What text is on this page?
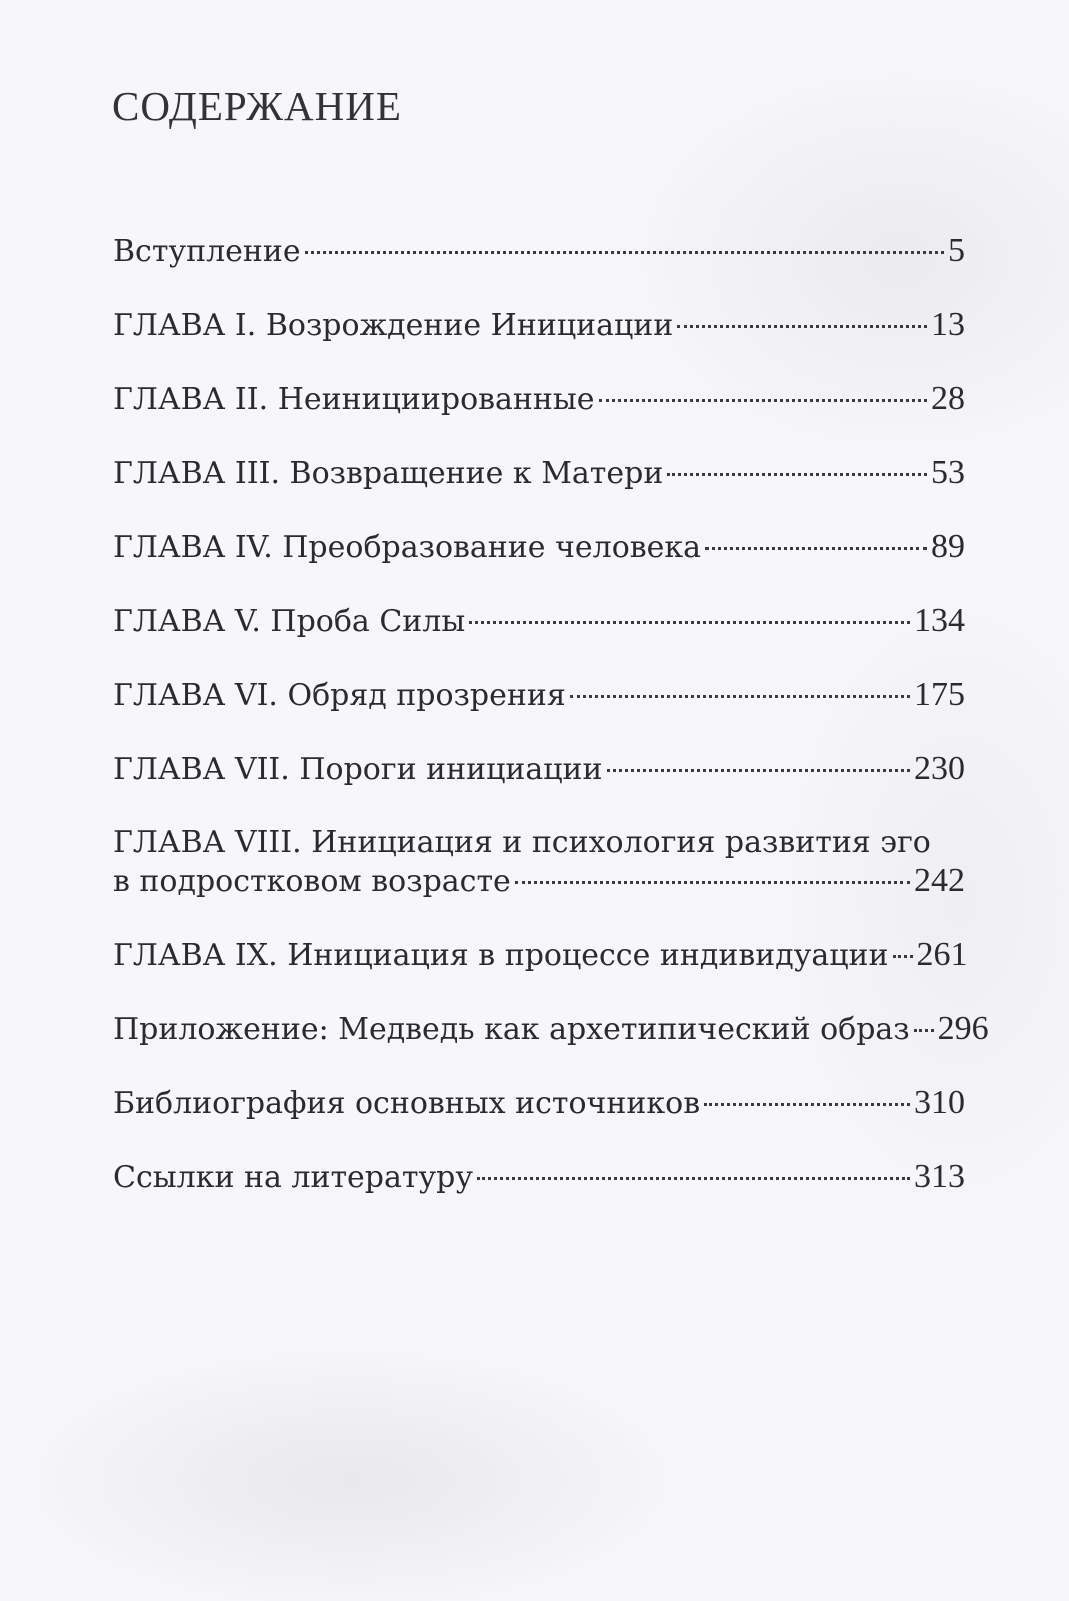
СОДЕРЖАНИЕ
Вступление	5
ГЛАВА I. Возрождение Инициации	13
ГЛАВА II. Неинициированные	28
ГЛАВА III. Возвращение к Матери	53
ГЛАВА IV. Преобразование человека	89
ГЛАВА V. Проба Силы	134
ГЛАВА VI. Обряд прозрения	175
ГЛАВА VII. Пороги инициации	230
ГЛАВА VIII. Инициация и психология развития эго
в подростковом возрасте	242
ГЛАВА IX. Инициация в процессе индивидуации 261
Приложение: Медведь как архетипический образ 296
Библиография основных источников	310
Ссылки на литературу	313
